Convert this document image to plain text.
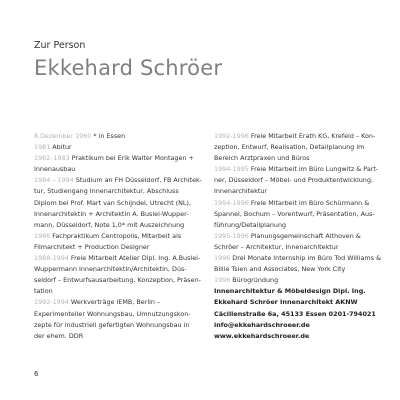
Zur Person
Ekkehard Schröer
8.Dezember 1960 * in Essen
1981 Abitur
1982–1983 Praktikum bei Erik Walter Montagen +
Innenausbau
1984 – 1994 Studium an FH Düsseldorf, FB Architek-
tur, Studiengang Innenarchitektur, Abschluss
Diplom bei Prof. Mart van Schijndel, Utrecht (NL),
Innenarchitektin + Architektin A. Buslei-Wupper-
mann, Düsseldorf, Note 1,0* mit Auszeichnung
1986 Fachpraktikum Centropolis, Mitarbeit als
Filmarchitekt + Production Designer
1988-1994 Freie Mitarbeit Atelier Dipl. Ing. A.Buslei-
Wuppermann Innenarchitektin/Architektin, Düs-
seldorf – Entwurfsausarbeitung, Konzeption, Präsen-
tation
1992-1994 Werkverträge IEMB, Berlin –
Experimenteller Wohnungsbau, Umnutzungskon-
zepte für industriell gefertigten Wohnungsbau in
der ehem. DDR
1992-1996 Freie Mitarbeit Erath KG, Krefeld – Kon-
zeption, Entwurf, Realisation, Detailplanung im
Bereich Arztpraxen und Büros
1994-1995 Freie Mitarbeit im Büro Lungwitz & Part-
ner, Düsseldorf – Möbel- und Produktentwicklung,
Innenarchitektur
1994-1996 Freie Mitarbeit im Büro Schürmann &
Spannel, Bochum – Vorentwurf, Präsentation, Aus-
führung/Detailplanung
1995-1996 Planungsgemeinschaft Althoven &
Schröer – Architektur, Innenarchitektur
1996 Drei Monate Internship im Büro Tod Williams &
Billie Tsien and Associates, New York City
1996 Bürogründung
Innenarchitektur & Möbeldesign Dipl. Ing.
Ekkehard Schröer Innenarchitekt AKNW
Cäcilienstraße 6a, 45133 Essen 0201-794021
info@ekkehardschroeer.de
www.ekkehardschroeer.de
6
